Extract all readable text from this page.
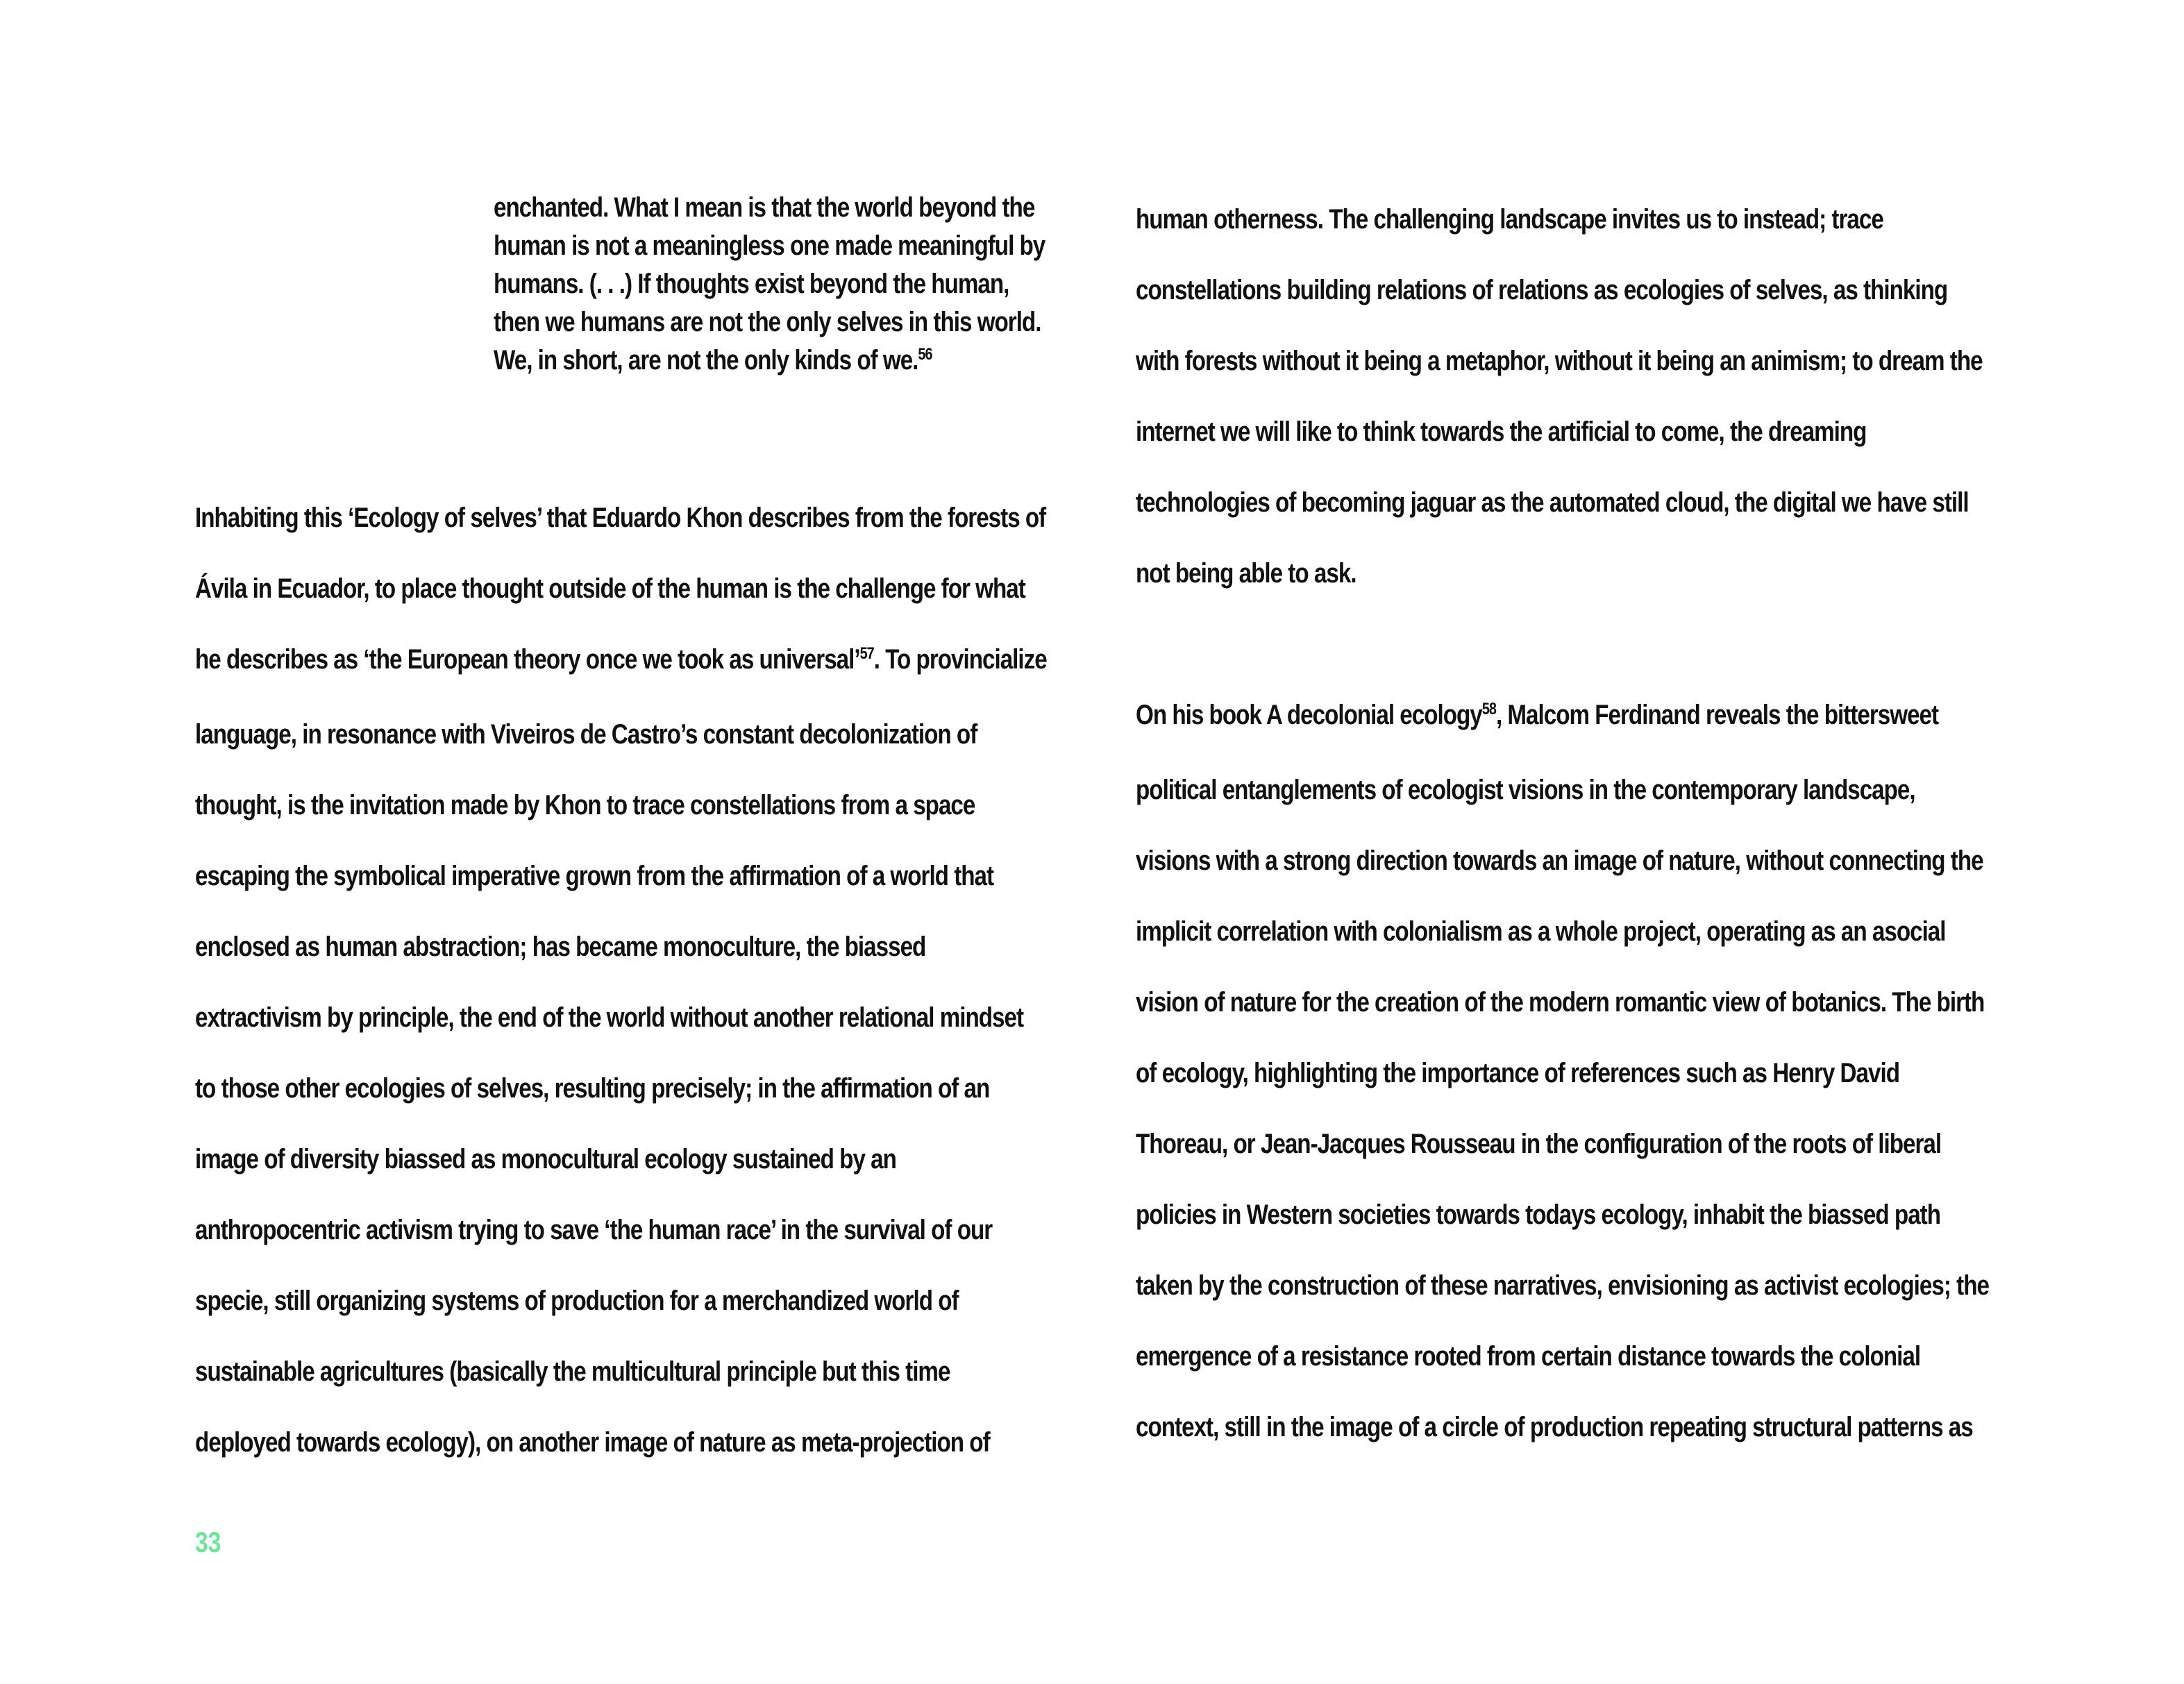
enchanted. What I mean is that the world beyond the
human is not a meaningless one made meaningful by
humans. (. . .) If thoughts exist beyond the human,
then we humans are not the only selves in this world.
We, in short, are not the only kinds of we.$^{56}$
Inhabiting this ‘Ecology of selves’ that Eduardo Khon describes from the forests of
Ávila in Ecuador, to place thought outside of the human is the challenge for what
he describes as ‘the European theory once we took as universal’$^{57}$. To provincialize
language, in resonance with Viveiros de Castro’s constant decolonization of
thought, is the invitation made by Khon to trace constellations from a space
escaping the symbolical imperative grown from the affirmation of a world that
enclosed as human abstraction; has became monoculture, the biassed
extractivism by principle, the end of the world without another relational mindset
to those other ecologies of selves, resulting precisely; in the affirmation of an
image of diversity biassed as monocultural ecology sustained by an
anthropocentric activism trying to save ‘the human race’ in the survival of our
specie, still organizing systems of production for a merchandized world of
sustainable agricultures (basically the multicultural principle but this time
deployed towards ecology), on another image of nature as meta-projection of
human otherness. The challenging landscape invites us to instead; trace
constellations building relations of relations as ecologies of selves, as thinking
with forests without it being a metaphor, without it being an animism; to dream the
internet we will like to think towards the artificial to come, the dreaming
technologies of becoming jaguar as the automated cloud, the digital we have still
not being able to ask.
On his book A decolonial ecology$^{58}$, Malcom Ferdinand reveals the bittersweet
political entanglements of ecologist visions in the contemporary landscape,
visions with a strong direction towards an image of nature, without connecting the
implicit correlation with colonialism as a whole project, operating as an asocial
vision of nature for the creation of the modern romantic view of botanics. The birth
of ecology, highlighting the importance of references such as Henry David
Thoreau, or Jean-Jacques Rousseau in the configuration of the roots of liberal
policies in Western societies towards todays ecology, inhabit the biassed path
taken by the construction of these narratives, envisioning as activist ecologies; the
emergence of a resistance rooted from certain distance towards the colonial
context, still in the image of a circle of production repeating structural patterns as
33
